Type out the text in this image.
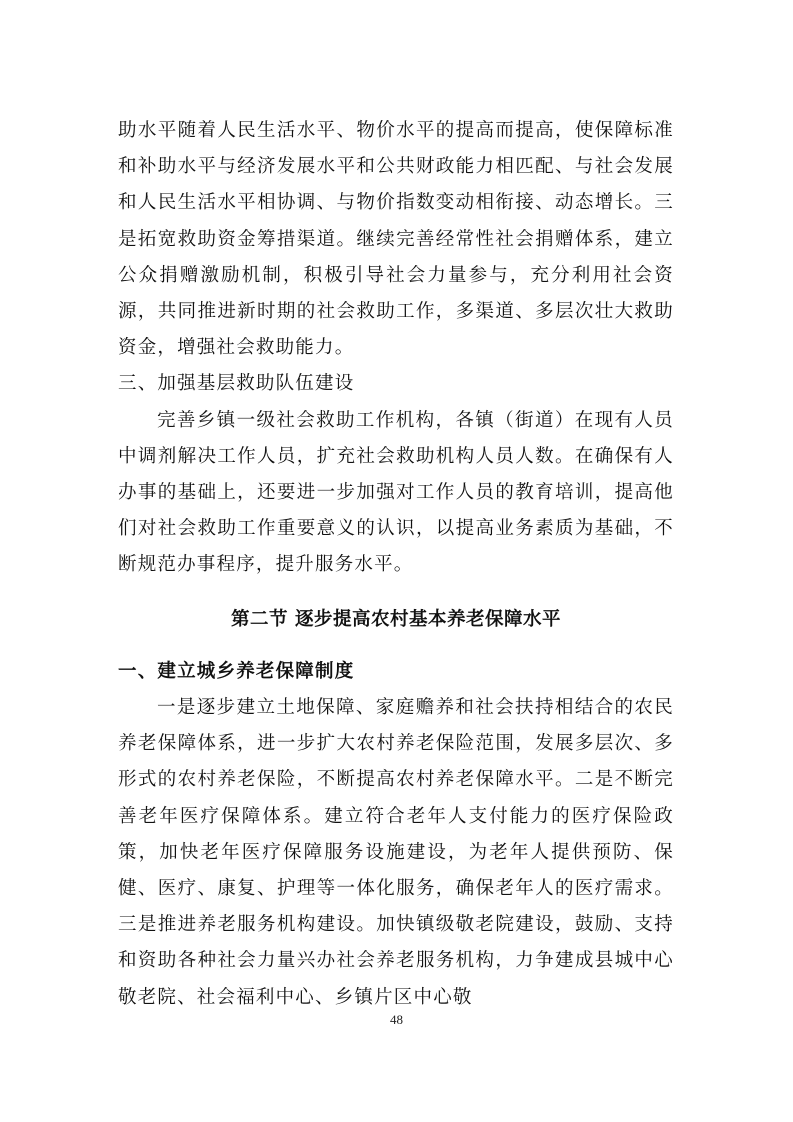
助水平随着人民生活水平、物价水平的提高而提高，使保障标准和补助水平与经济发展水平和公共财政能力相匹配、与社会发展和人民生活水平相协调、与物价指数变动相衔接、动态增长。三是拓宽救助资金筹措渠道。继续完善经常性社会捐赠体系，建立公众捐赠激励机制，积极引导社会力量参与，充分利用社会资源，共同推进新时期的社会救助工作，多渠道、多层次壮大救助资金，增强社会救助能力。

三、加强基层救助队伍建设

完善乡镇一级社会救助工作机构，各镇（街道）在现有人员中调剂解决工作人员，扩充社会救助机构人员人数。在确保有人办事的基础上，还要进一步加强对工作人员的教育培训，提高他们对社会救助工作重要意义的认识，以提高业务素质为基础，不断规范办事程序，提升服务水平。

第二节 逐步提高农村基本养老保障水平
一、建立城乡养老保障制度

一是逐步建立土地保障、家庭赡养和社会扶持相结合的农民养老保障体系，进一步扩大农村养老保险范围，发展多层次、多形式的农村养老保险，不断提高农村养老保障水平。二是不断完善老年医疗保障体系。建立符合老年人支付能力的医疗保险政策，加快老年医疗保障服务设施建设，为老年人提供预防、保健、医疗、康复、护理等一体化服务，确保老年人的医疗需求。三是推进养老服务机构建设。加快镇级敬老院建设，鼓励、支持和资助各种社会力量兴办社会养老服务机构，力争建成县城中心敬老院、社会福利中心、乡镇片区中心敬

48
